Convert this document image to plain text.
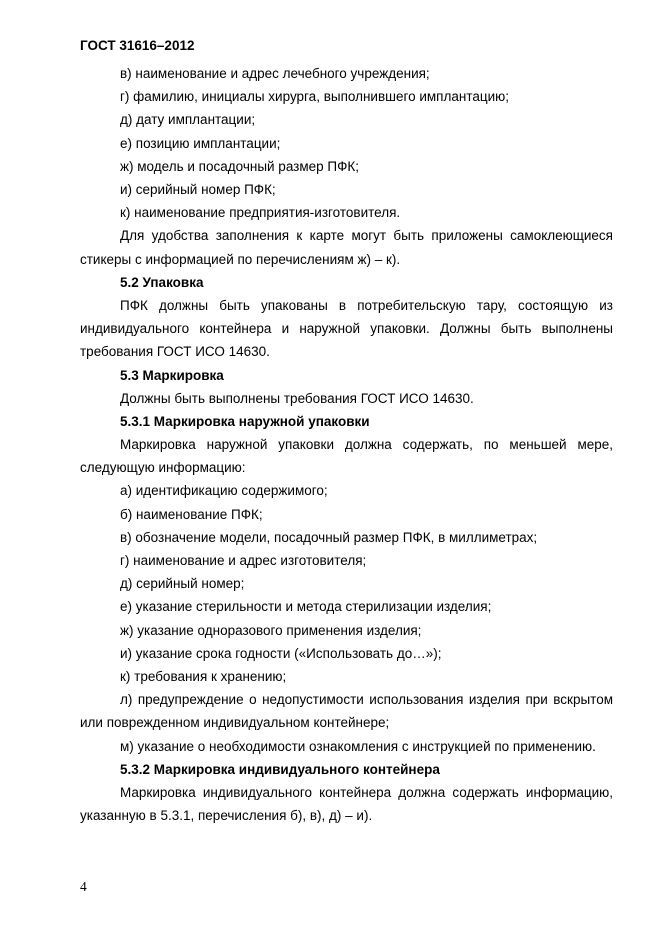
ГОСТ 31616–2012
в) наименование и адрес лечебного учреждения;
г) фамилию, инициалы хирурга, выполнившего имплантацию;
д) дату имплантации;
е) позицию имплантации;
ж) модель и посадочный размер ПФК;
и) серийный номер ПФК;
к) наименование предприятия-изготовителя.
Для удобства заполнения к карте могут быть приложены самоклеющиеся стикеры с информацией по перечислениям ж) – к).
5.2 Упаковка
ПФК должны быть упакованы в потребительскую тару, состоящую из индивидуального контейнера и наружной упаковки. Должны быть выполнены требования ГОСТ ИСО 14630.
5.3 Маркировка
Должны быть выполнены требования ГОСТ ИСО 14630.
5.3.1 Маркировка наружной упаковки
Маркировка наружной упаковки должна содержать, по меньшей мере, следующую информацию:
а) идентификацию содержимого;
б) наименование ПФК;
в) обозначение модели, посадочный размер ПФК, в миллиметрах;
г) наименование и адрес изготовителя;
д) серийный номер;
е) указание стерильности и метода стерилизации изделия;
ж) указание одноразового применения изделия;
и) указание срока годности («Использовать до…»);
к) требования к хранению;
л) предупреждение о недопустимости использования изделия при вскрытом или поврежденном индивидуальном контейнере;
м) указание о необходимости ознакомления с инструкцией по применению.
5.3.2 Маркировка индивидуального контейнера
Маркировка индивидуального контейнера должна содержать информацию, указанную в 5.3.1, перечисления б), в), д) – и).
4
